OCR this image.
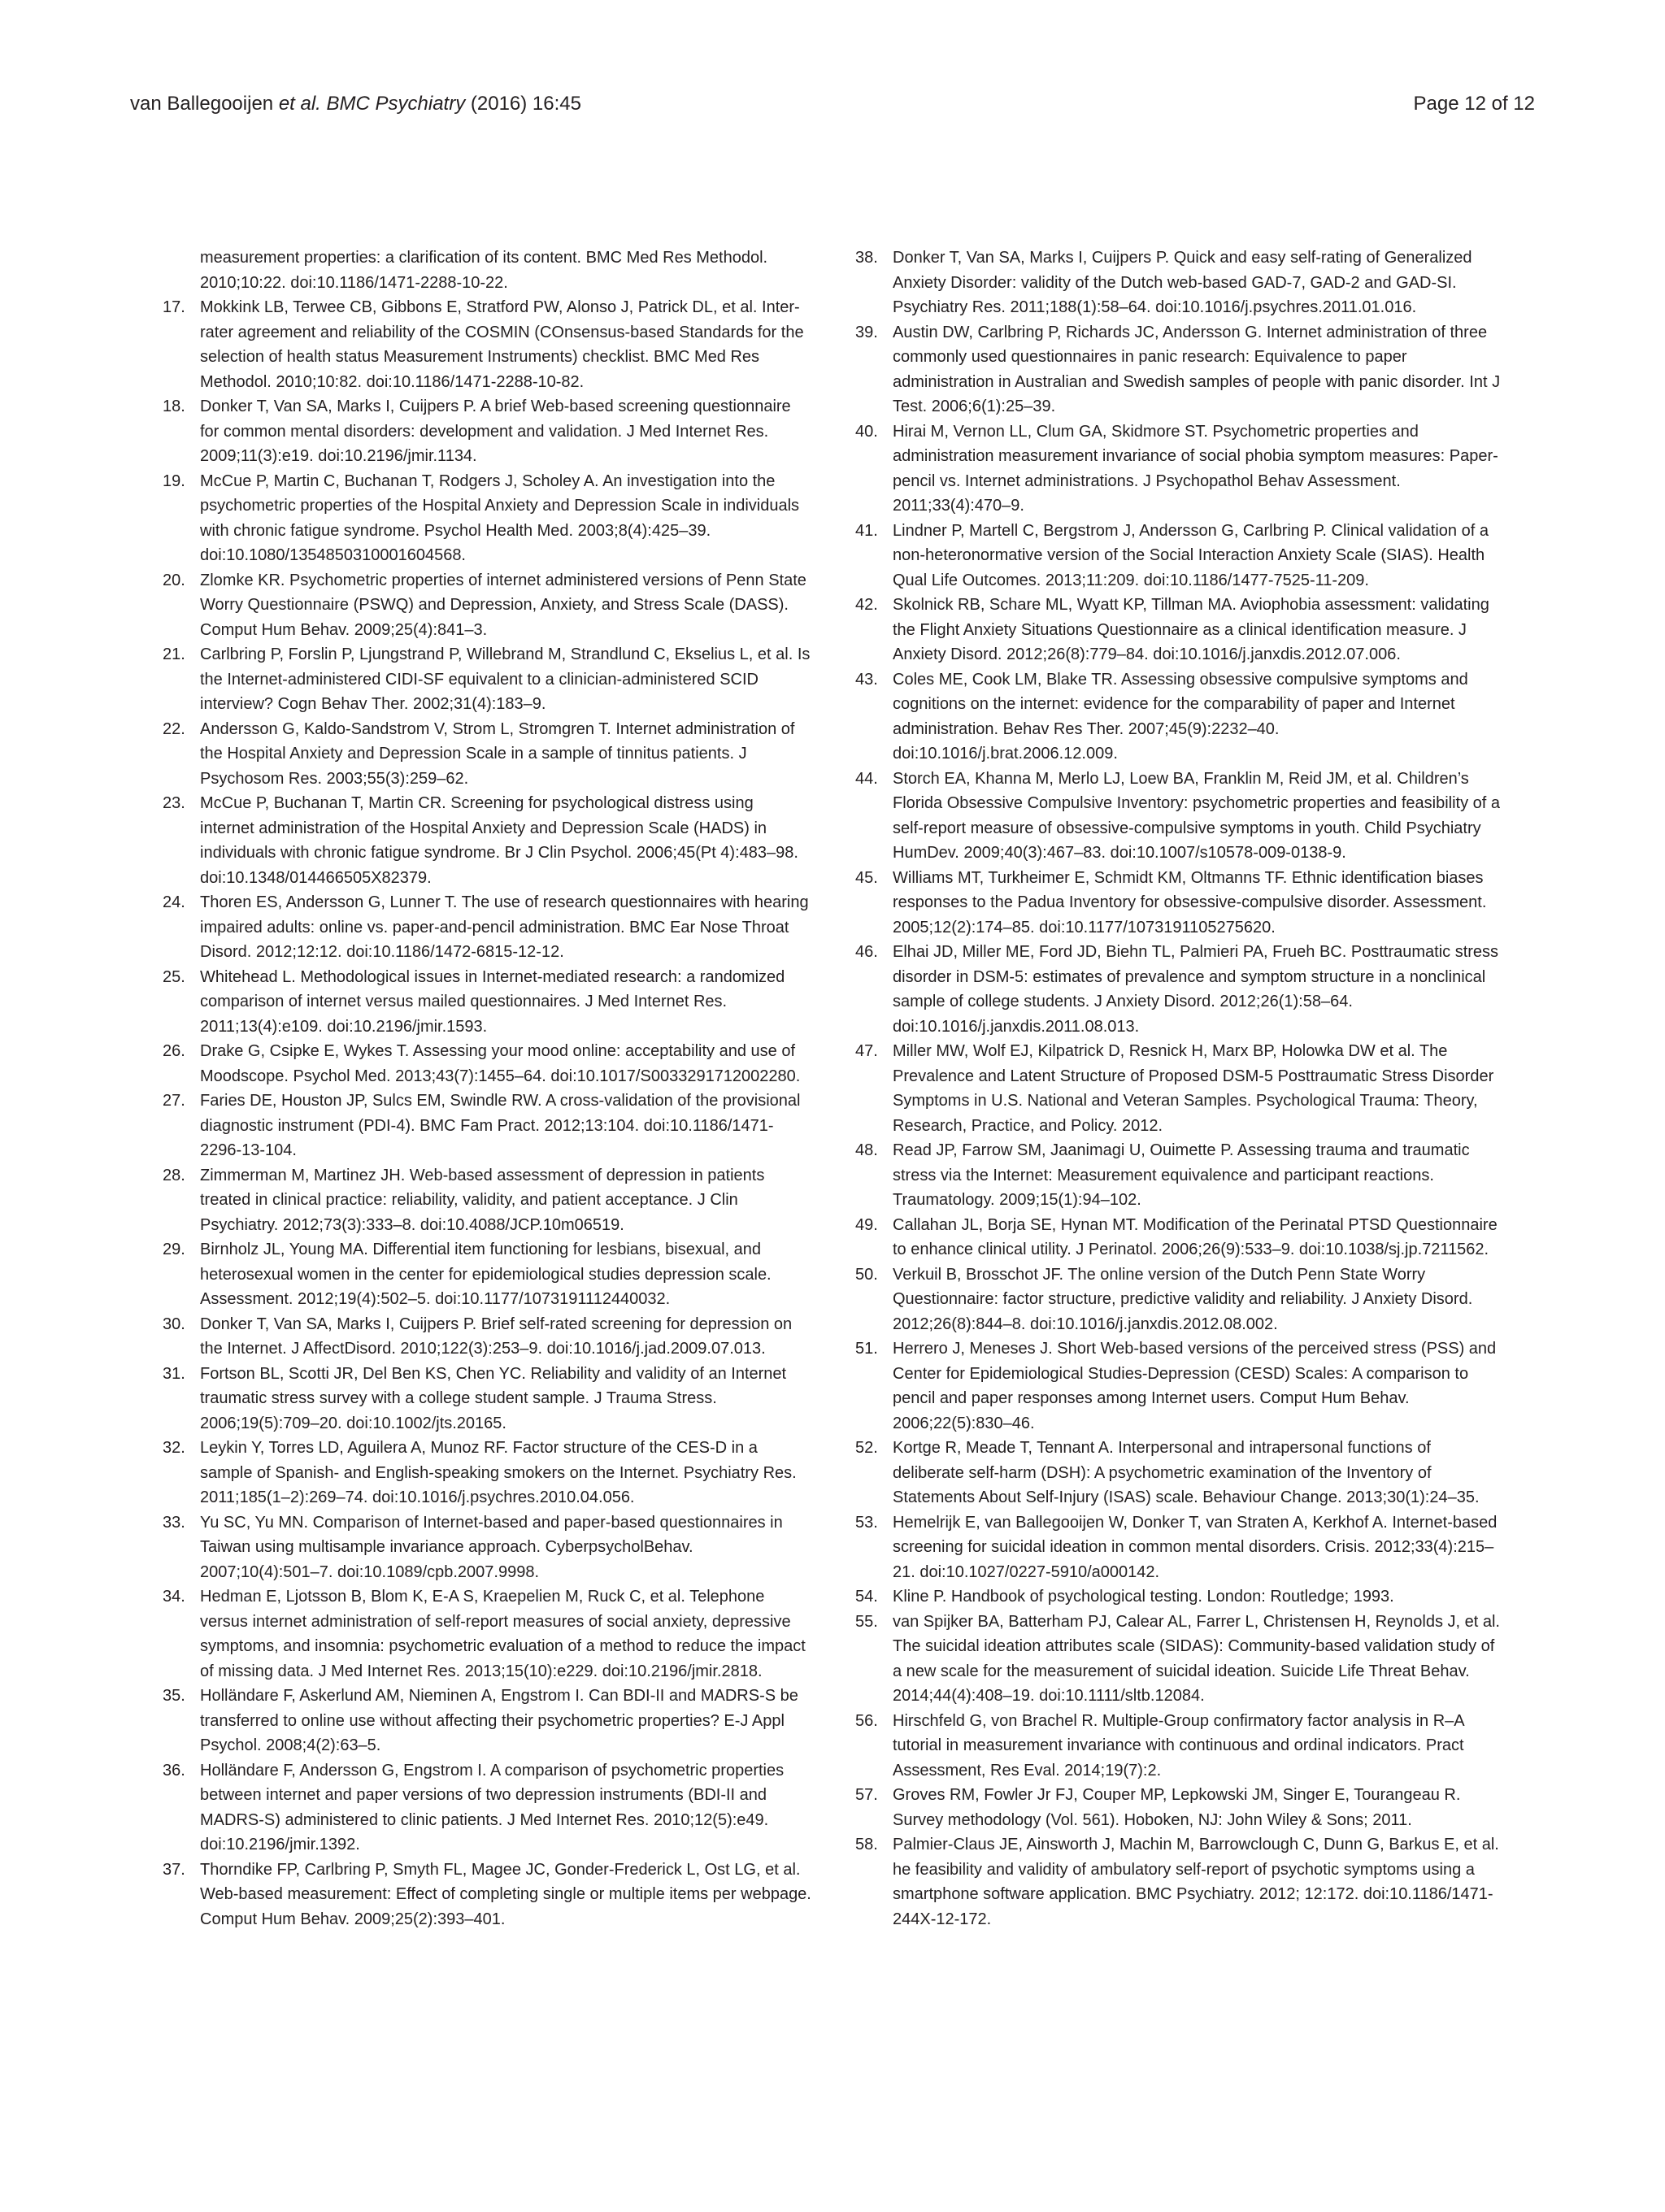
van Ballegooijen et al. BMC Psychiatry (2016) 16:45	Page 12 of 12

measurement properties: a clarification of its content. BMC Med Res Methodol. 2010;10:22. doi:10.1186/1471-2288-10-22.

17. Mokkink LB, Terwee CB, Gibbons E, Stratford PW, Alonso J, Patrick DL, et al. Inter-rater agreement and reliability of the COSMIN (COnsensus-based Standards for the selection of health status Measurement Instruments) checklist. BMC Med Res Methodol. 2010;10:82. doi:10.1186/1471-2288-10-82.

18. Donker T, Van SA, Marks I, Cuijpers P. A brief Web-based screening questionnaire for common mental disorders: development and validation. J Med Internet Res. 2009;11(3):e19. doi:10.2196/jmir.1134.

19. McCue P, Martin C, Buchanan T, Rodgers J, Scholey A. An investigation into the psychometric properties of the Hospital Anxiety and Depression Scale in individuals with chronic fatigue syndrome. Psychol Health Med. 2003;8(4):425–39. doi:10.1080/1354850310001604568.

20. Zlomke KR. Psychometric properties of internet administered versions of Penn State Worry Questionnaire (PSWQ) and Depression, Anxiety, and Stress Scale (DASS). Comput Hum Behav. 2009;25(4):841–3.

21. Carlbring P, Forslin P, Ljungstrand P, Willebrand M, Strandlund C, Ekselius L, et al. Is the Internet-administered CIDI-SF equivalent to a clinician-administered SCID interview? Cogn Behav Ther. 2002;31(4):183–9.

22. Andersson G, Kaldo-Sandstrom V, Strom L, Stromgren T. Internet administration of the Hospital Anxiety and Depression Scale in a sample of tinnitus patients. J Psychosom Res. 2003;55(3):259–62.

23. McCue P, Buchanan T, Martin CR. Screening for psychological distress using internet administration of the Hospital Anxiety and Depression Scale (HADS) in individuals with chronic fatigue syndrome. Br J Clin Psychol. 2006;45(Pt 4):483–98. doi:10.1348/014466505X82379.

24. Thoren ES, Andersson G, Lunner T. The use of research questionnaires with hearing impaired adults: online vs. paper-and-pencil administration. BMC Ear Nose Throat Disord. 2012;12:12. doi:10.1186/1472-6815-12-12.

25. Whitehead L. Methodological issues in Internet-mediated research: a randomized comparison of internet versus mailed questionnaires. J Med Internet Res. 2011;13(4):e109. doi:10.2196/jmir.1593.

26. Drake G, Csipke E, Wykes T. Assessing your mood online: acceptability and use of Moodscope. Psychol Med. 2013;43(7):1455–64. doi:10.1017/S0033291712002280.

27. Faries DE, Houston JP, Sulcs EM, Swindle RW. A cross-validation of the provisional diagnostic instrument (PDI-4). BMC Fam Pract. 2012;13:104. doi:10.1186/1471-2296-13-104.

28. Zimmerman M, Martinez JH. Web-based assessment of depression in patients treated in clinical practice: reliability, validity, and patient acceptance. J Clin Psychiatry. 2012;73(3):333–8. doi:10.4088/JCP.10m06519.

29. Birnholz JL, Young MA. Differential item functioning for lesbians, bisexual, and heterosexual women in the center for epidemiological studies depression scale. Assessment. 2012;19(4):502–5. doi:10.1177/1073191112440032.

30. Donker T, Van SA, Marks I, Cuijpers P. Brief self-rated screening for depression on the Internet. J AffectDisord. 2010;122(3):253–9. doi:10.1016/j.jad.2009.07.013.

31. Fortson BL, Scotti JR, Del Ben KS, Chen YC. Reliability and validity of an Internet traumatic stress survey with a college student sample. J Trauma Stress. 2006;19(5):709–20. doi:10.1002/jts.20165.

32. Leykin Y, Torres LD, Aguilera A, Munoz RF. Factor structure of the CES-D in a sample of Spanish- and English-speaking smokers on the Internet. Psychiatry Res. 2011;185(1–2):269–74. doi:10.1016/j.psychres.2010.04.056.

33. Yu SC, Yu MN. Comparison of Internet-based and paper-based questionnaires in Taiwan using multisample invariance approach. CyberpsycholBehav. 2007;10(4):501–7. doi:10.1089/cpb.2007.9998.

34. Hedman E, Ljotsson B, Blom K, E-A S, Kraepelien M, Ruck C, et al. Telephone versus internet administration of self-report measures of social anxiety, depressive symptoms, and insomnia: psychometric evaluation of a method to reduce the impact of missing data. J Med Internet Res. 2013;15(10):e229. doi:10.2196/jmir.2818.

35. Holländare F, Askerlund AM, Nieminen A, Engstrom I. Can BDI-II and MADRS-S be transferred to online use without affecting their psychometric properties? E-J Appl Psychol. 2008;4(2):63–5.

36. Holländare F, Andersson G, Engstrom I. A comparison of psychometric properties between internet and paper versions of two depression instruments (BDI-II and MADRS-S) administered to clinic patients. J Med Internet Res. 2010;12(5):e49. doi:10.2196/jmir.1392.

37. Thorndike FP, Carlbring P, Smyth FL, Magee JC, Gonder-Frederick L, Ost LG, et al. Web-based measurement: Effect of completing single or multiple items per webpage. Comput Hum Behav. 2009;25(2):393–401.

38. Donker T, Van SA, Marks I, Cuijpers P. Quick and easy self-rating of Generalized Anxiety Disorder: validity of the Dutch web-based GAD-7, GAD-2 and GAD-SI. Psychiatry Res. 2011;188(1):58–64. doi:10.1016/j.psychres.2011.01.016.

39. Austin DW, Carlbring P, Richards JC, Andersson G. Internet administration of three commonly used questionnaires in panic research: Equivalence to paper administration in Australian and Swedish samples of people with panic disorder. Int J Test. 2006;6(1):25–39.

40. Hirai M, Vernon LL, Clum GA, Skidmore ST. Psychometric properties and administration measurement invariance of social phobia symptom measures: Paper-pencil vs. Internet administrations. J Psychopathol Behav Assessment. 2011;33(4):470–9.

41. Lindner P, Martell C, Bergstrom J, Andersson G, Carlbring P. Clinical validation of a non-heteronormative version of the Social Interaction Anxiety Scale (SIAS). Health Qual Life Outcomes. 2013;11:209. doi:10.1186/1477-7525-11-209.

42. Skolnick RB, Schare ML, Wyatt KP, Tillman MA. Aviophobia assessment: validating the Flight Anxiety Situations Questionnaire as a clinical identification measure. J Anxiety Disord. 2012;26(8):779–84. doi:10.1016/j.janxdis.2012.07.006.

43. Coles ME, Cook LM, Blake TR. Assessing obsessive compulsive symptoms and cognitions on the internet: evidence for the comparability of paper and Internet administration. Behav Res Ther. 2007;45(9):2232–40. doi:10.1016/j.brat.2006.12.009.

44. Storch EA, Khanna M, Merlo LJ, Loew BA, Franklin M, Reid JM, et al. Children’s Florida Obsessive Compulsive Inventory: psychometric properties and feasibility of a self-report measure of obsessive-compulsive symptoms in youth. Child Psychiatry HumDev. 2009;40(3):467–83. doi:10.1007/s10578-009-0138-9.

45. Williams MT, Turkheimer E, Schmidt KM, Oltmanns TF. Ethnic identification biases responses to the Padua Inventory for obsessive-compulsive disorder. Assessment. 2005;12(2):174–85. doi:10.1177/1073191105275620.

46. Elhai JD, Miller ME, Ford JD, Biehn TL, Palmieri PA, Frueh BC. Posttraumatic stress disorder in DSM-5: estimates of prevalence and symptom structure in a nonclinical sample of college students. J Anxiety Disord. 2012;26(1):58–64. doi:10.1016/j.janxdis.2011.08.013.

47. Miller MW, Wolf EJ, Kilpatrick D, Resnick H, Marx BP, Holowka DW et al. The Prevalence and Latent Structure of Proposed DSM-5 Posttraumatic Stress Disorder Symptoms in U.S. National and Veteran Samples. Psychological Trauma: Theory, Research, Practice, and Policy. 2012.

48. Read JP, Farrow SM, Jaanimagi U, Ouimette P. Assessing trauma and traumatic stress via the Internet: Measurement equivalence and participant reactions. Traumatology. 2009;15(1):94–102.

49. Callahan JL, Borja SE, Hynan MT. Modification of the Perinatal PTSD Questionnaire to enhance clinical utility. J Perinatol. 2006;26(9):533–9. doi:10.1038/sj.jp.7211562.

50. Verkuil B, Brosschot JF. The online version of the Dutch Penn State Worry Questionnaire: factor structure, predictive validity and reliability. J Anxiety Disord. 2012;26(8):844–8. doi:10.1016/j.janxdis.2012.08.002.

51. Herrero J, Meneses J. Short Web-based versions of the perceived stress (PSS) and Center for Epidemiological Studies-Depression (CESD) Scales: A comparison to pencil and paper responses among Internet users. Comput Hum Behav. 2006;22(5):830–46.

52. Kortge R, Meade T, Tennant A. Interpersonal and intrapersonal functions of deliberate self-harm (DSH): A psychometric examination of the Inventory of Statements About Self-Injury (ISAS) scale. Behaviour Change. 2013;30(1):24–35.

53. Hemelrijk E, van Ballegooijen W, Donker T, van Straten A, Kerkhof A. Internet-based screening for suicidal ideation in common mental disorders. Crisis. 2012;33(4):215–21. doi:10.1027/0227-5910/a000142.

54. Kline P. Handbook of psychological testing. London: Routledge; 1993.

55. van Spijker BA, Batterham PJ, Calear AL, Farrer L, Christensen H, Reynolds J, et al. The suicidal ideation attributes scale (SIDAS): Community-based validation study of a new scale for the measurement of suicidal ideation. Suicide Life Threat Behav. 2014;44(4):408–19. doi:10.1111/sltb.12084.

56. Hirschfeld G, von Brachel R. Multiple-Group confirmatory factor analysis in R–A tutorial in measurement invariance with continuous and ordinal indicators. Pract Assessment, Res Eval. 2014;19(7):2.

57. Groves RM, Fowler Jr FJ, Couper MP, Lepkowski JM, Singer E, Tourangeau R. Survey methodology (Vol. 561). Hoboken, NJ: John Wiley & Sons; 2011.

58. Palmier-Claus JE, Ainsworth J, Machin M, Barrowclough C, Dunn G, Barkus E, et al. he feasibility and validity of ambulatory self-report of psychotic symptoms using a smartphone software application. BMC Psychiatry. 2012; 12:172. doi:10.1186/1471-244X-12-172.
